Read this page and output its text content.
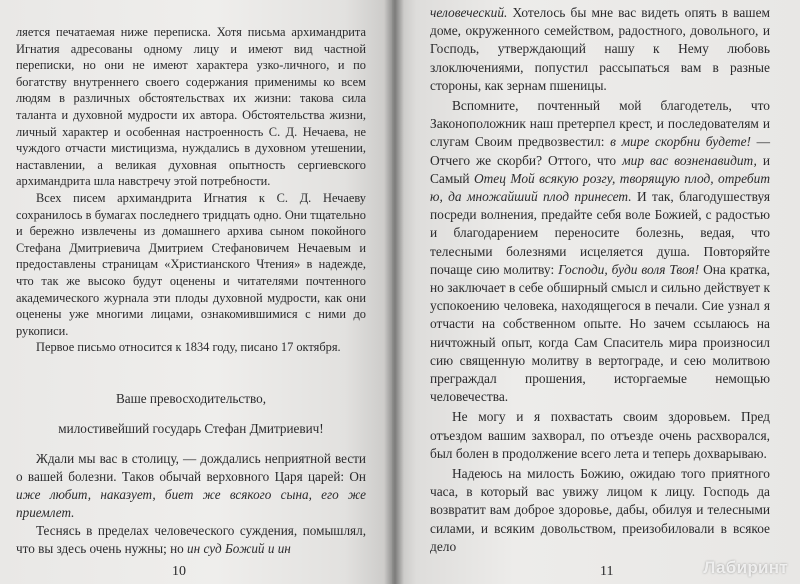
ляется печатаемая ниже переписка. Хотя письма архимандрита Игнатия адресованы одному лицу и имеют вид частной переписки, но они не имеют характера узко-личного, и по богатству внутреннего своего содержания применимы ко всем людям в различных обстоятельствах их жизни: такова сила таланта и духовной мудрости их автора. Обстоятельства жизни, личный характер и особенная настроенность С. Д. Нечаева, не чуждого отчасти мистицизма, нуждались в духовном утешении, наставлении, а великая духовная опытность сергиевского архимандрита шла навстречу этой потребности.

Всех писем архимандрита Игнатия к С. Д. Нечаеву сохранилось в бумагах последнего тридцать одно. Они тщательно и бережно извлечены из домашнего архива сыном покойного Стефана Дмитриевича Дмитрием Стефановичем Нечаевым и предоставлены страницам «Христианского Чтения» в надежде, что так же высоко будут оценены и читателями почтенного академического журнала эти плоды духовной мудрости, как они оценены уже многими лицами, ознакомившимися с ними до рукописи.

Первое письмо относится к 1834 году, писано 17 октября.

Ваше превосходительство,
милостивейший государь Стефан Дмитриевич!

Ждали мы вас в столицу, — дождались неприятной вести о вашей болезни. Таков обычай верховного Царя царей: Он иже любит, наказует, биет же всякого сына, его же приемлет.

Теснясь в пределах человеческого суждения, помышлял, что вы здесь очень нужны; но ин суд Божий и ин

человеческий. Хотелось бы мне вас видеть опять в вашем доме, окруженного семейством, радостного, довольного, и Господь, утверждающий нашу к Нему любовь злоключениями, попустил рассыпаться вам в разные стороны, как зернам пшеницы.

Вспомните, почтенный мой благодетель, что Законоположник наш претерпел крест, и последователям и слугам Своим предвозвестил: в мире скорбни будете! — Отчего же скорби? Оттого, что мир вас возненавидит, и Самый Отец Мой всякую розгу, творящую плод, отребит ю, да множайший плод принесет. И так, благодушествуя посреди волнения, предайте себя воле Божией, с радостью и благодарением переносите болезнь, ведая, что телесными болезнями исцеляется душа. Повторяйте почаще сию молитву: Господи, буди воля Твоя! Она кратка, но заключает в себе обширный смысл и сильно действует к успокоению человека, находящегося в печали. Сие узнал я отчасти на собственном опыте. Но зачем ссылаюсь на ничтожный опыт, когда Сам Спаситель мира произносил сию священную молитву в вертограде, и сею молитвою преграждал прошения, исторгаемые немощью человечества.

Не могу и я похвастать своим здоровьем. Пред отъездом вашим захворал, по отъезде очень расхворался, был болен в продолжение всего лета и теперь дохварываю.

Надеюсь на милость Божию, ожидаю того приятного часа, в который вас увижу лицом к лицу. Господь да возвратит вам доброе здоровье, дабы, обилуя и телесными силами, и всяким довольством, преизобиловали в всякое дело

10	11	Лабиринт
